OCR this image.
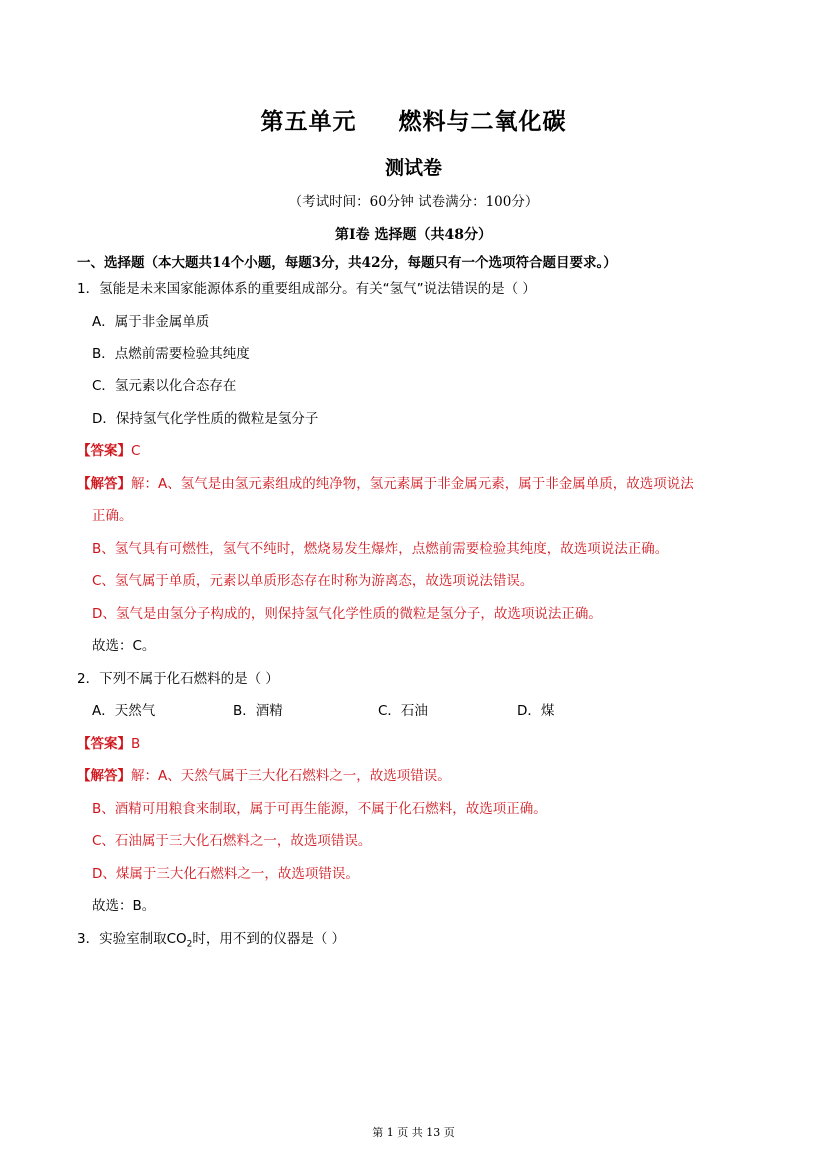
第五单元 燃料与二氧化碳
测试卷
（考试时间：60分钟 试卷满分：100分）
第Ⅰ卷 选择题（共48分）
一、选择题（本大题共14个小题，每题3分，共42分，每题只有一个选项符合题目要求。）
1．氢能是未来国家能源体系的重要组成部分。有关“氢气”说法错误的是（ ）
A．属于非金属单质
B．点燃前需要检验其纯度
C．氢元素以化合态存在
D．保持氢气化学性质的微粒是氢分子
【答案】C
【解答】解：A、氢气是由氢元素组成的纯净物，氢元素属于非金属元素，属于非金属单质，故选项说法
正确。
B、氢气具有可燃性，氢气不纯时，燃烧易发生爆炸，点燃前需要检验其纯度，故选项说法正确。
C、氢气属于单质，元素以单质形态存在时称为游离态，故选项说法错误。
D、氢气是由氢分子构成的，则保持氢气化学性质的微粒是氢分子，故选项说法正确。
故选：C。
2．下列不属于化石燃料的是（ ）
A．天然气	B．酒精	C．石油	D．煤
【答案】B
【解答】解：A、天然气属于三大化石燃料之一，故选项错误。
B、酒精可用粮食来制取，属于可再生能源，不属于化石燃料，故选项正确。
C、石油属于三大化石燃料之一，故选项错误。
D、煤属于三大化石燃料之一，故选项错误。
故选：B。
3．实验室制取$CO_2$时，用不到的仪器是（ ）
第 1 页 共 13 页
